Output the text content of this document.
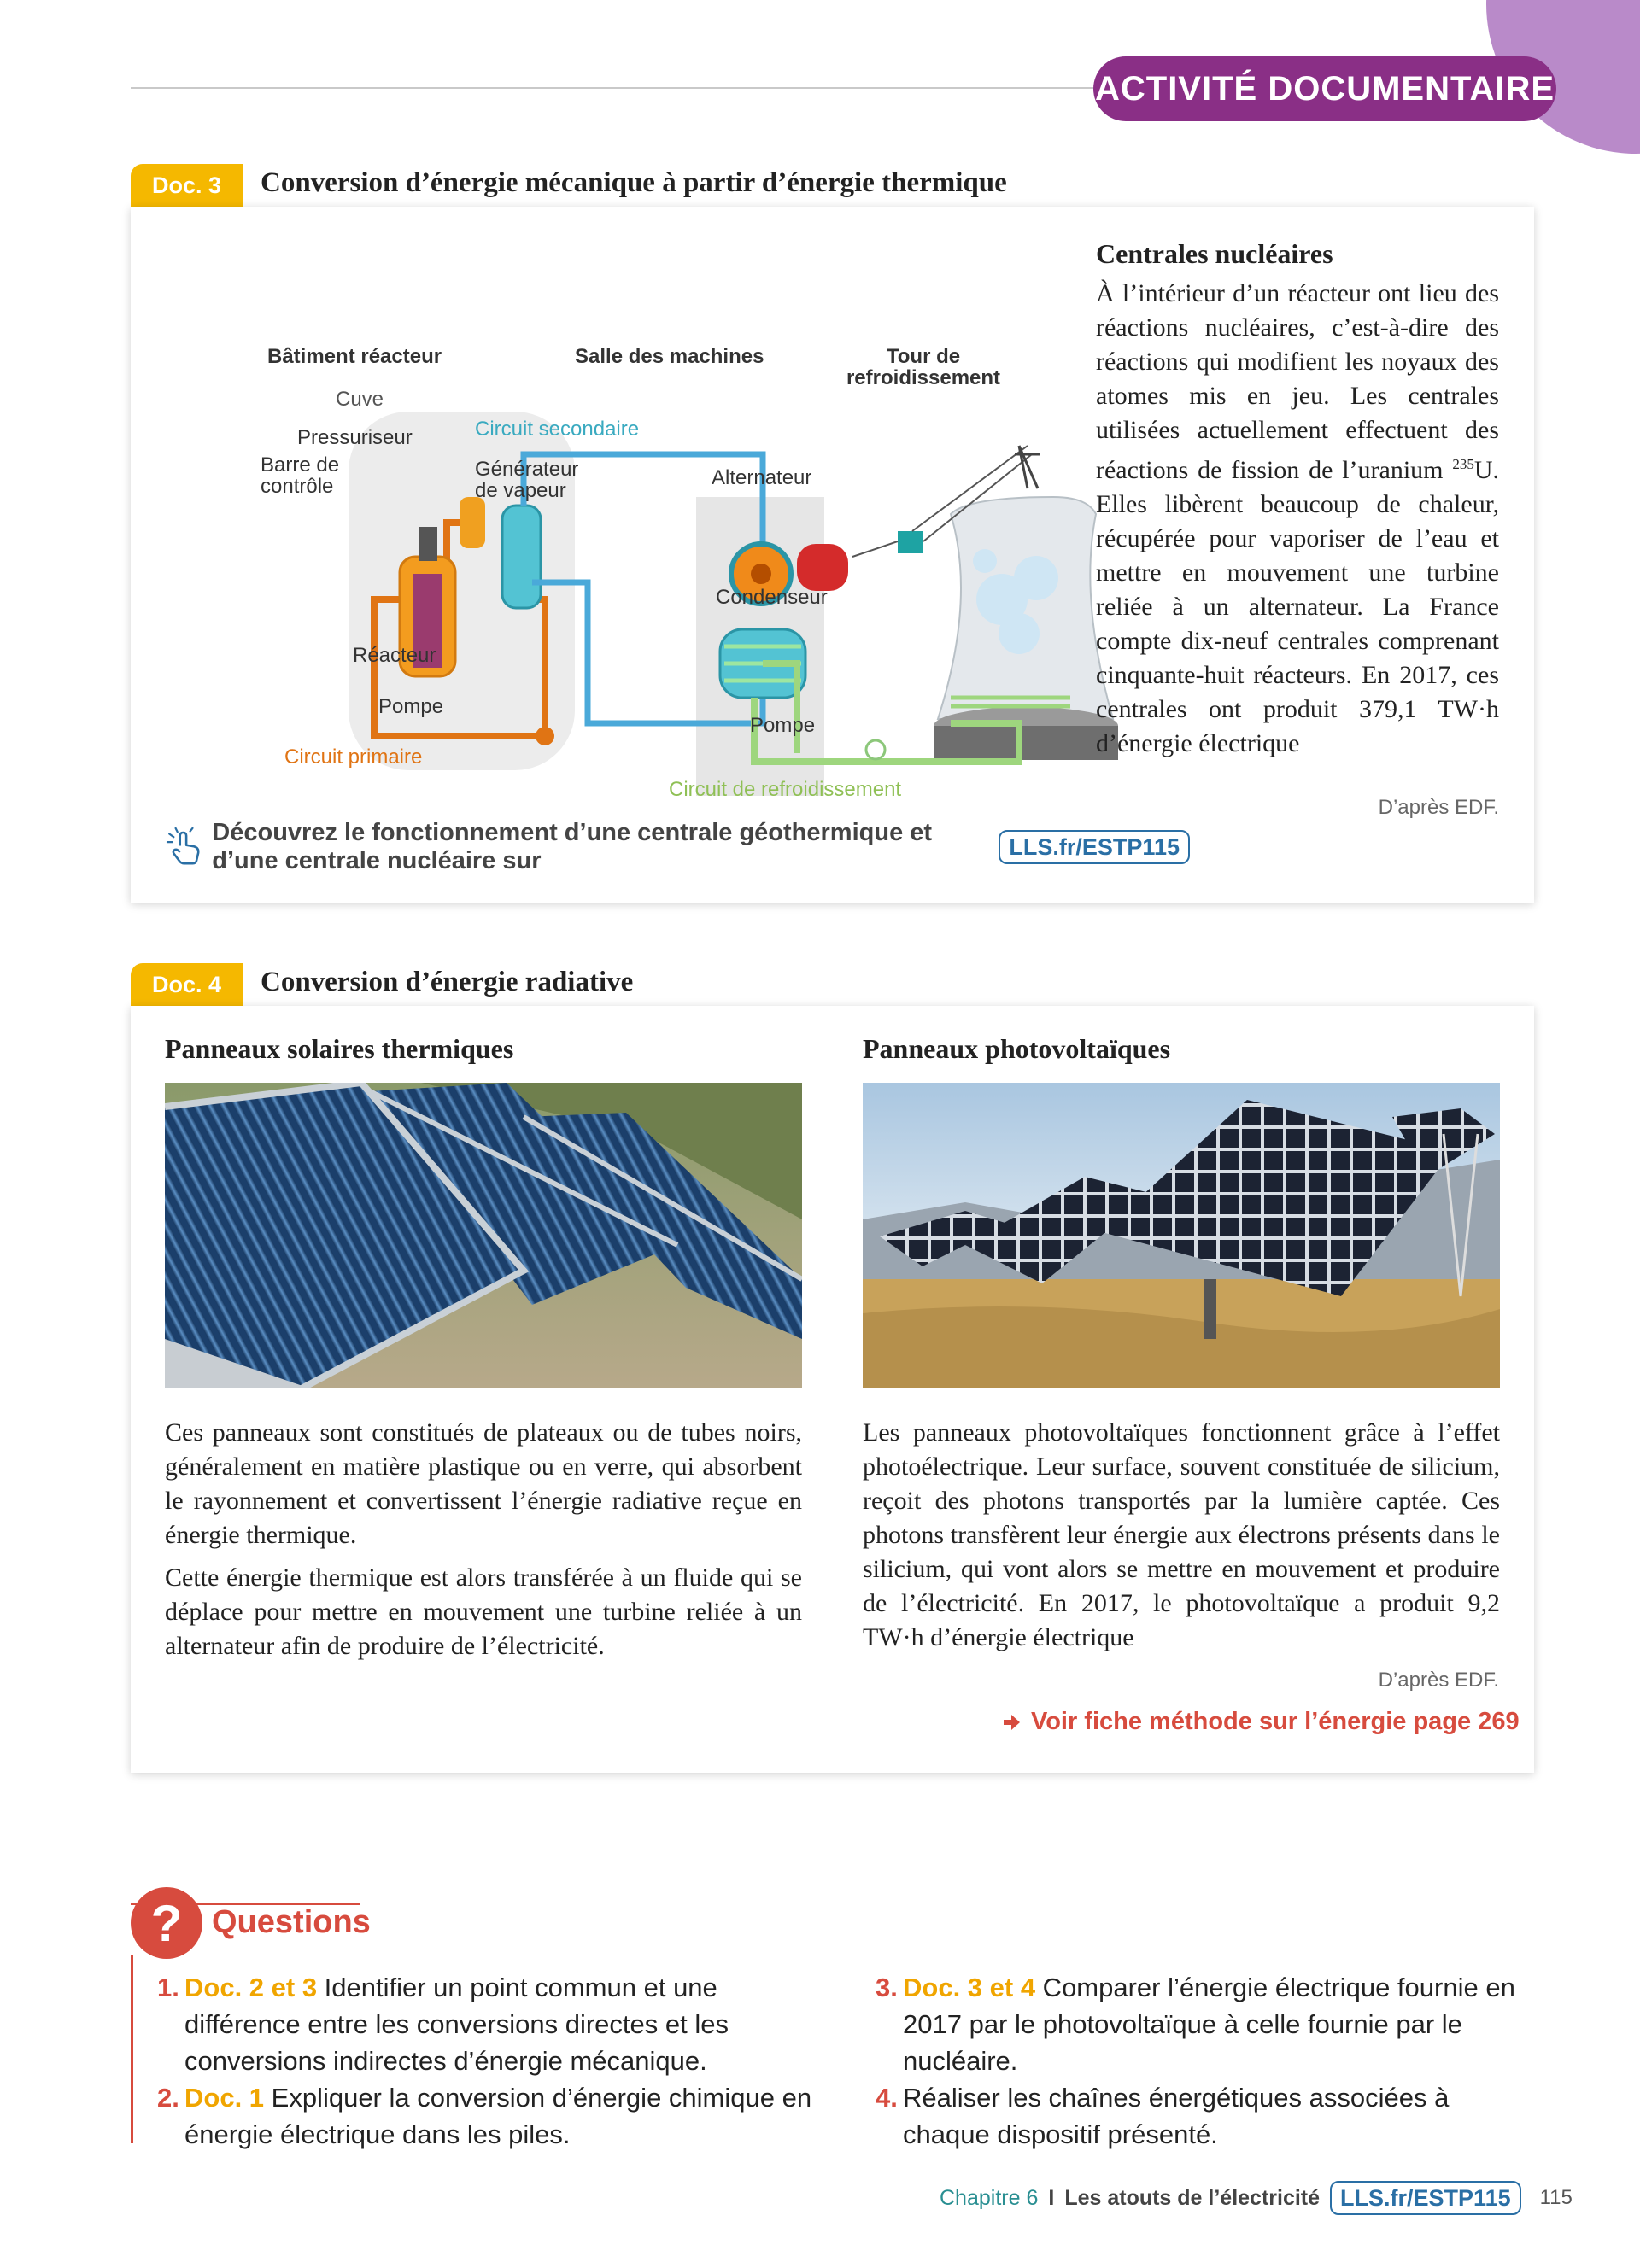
ACTIVITÉ DOCUMENTAIRE
Doc. 3	Conversion d’énergie mécanique à partir d’énergie thermique
Bâtiment réacteur	Salle des machines	Tour de
refroidissement
Cuve
Pressuriseur	Circuit secondaire
Barre de
contrôle
Générateur
de vapeur
Alternateur
Condenseur
Réacteur
Pompe
Circuit primaire
Pompe
Circuit de refroidissement
Centrales nucléaires
À l’intérieur d’un réacteur ont lieu des réactions nucléaires, c’est-à-dire des réactions qui modifient les noyaux des atomes mis en jeu. Les centrales utilisées actuellement effectuent des réactions de fission de l’uranium $^{235}$U. Elles libèrent beaucoup de chaleur, récupérée pour vaporiser de l’eau et mettre en mouvement une turbine reliée à un alternateur. La France compte dix-neuf centrales comprenant cinquante-huit réacteurs. En 2017, ces centrales ont produit 379,1 TW·h d’énergie électrique
D’après EDF.
Découvrez le fonctionnement d’une centrale géothermique et d’une centrale nucléaire sur
LLS.fr/ESTP115
Doc. 4	Conversion d’énergie radiative
Panneaux solaires thermiques
Ces panneaux sont constitués de plateaux ou de tubes noirs, généralement en matière plastique ou en verre, qui absorbent le rayonnement et convertissent l’énergie radiative reçue en énergie thermique.
Cette énergie thermique est alors transférée à un fluide qui se déplace pour mettre en mouvement une turbine reliée à un alternateur afin de produire de l’électricité.
Panneaux photovoltaïques
Les panneaux photovoltaïques fonctionnent grâce à l’effet photoélectrique. Leur surface, souvent constituée de silicium, reçoit des photons transportés par la lumière captée. Ces photons transfèrent leur énergie aux électrons présents dans le silicium, qui vont alors se mettre en mouvement et produire de l’électricité. En 2017, le photovoltaïque a produit 9,2 TW·h d’énergie électrique
D’après EDF.
Voir fiche méthode sur l’énergie page 269
? Questions
1. Doc. 2 et 3 Identifier un point commun et une différence entre les conversions directes et les conversions indirectes d’énergie mécanique.
2. Doc. 1 Expliquer la conversion d’énergie chimique en énergie électrique dans les piles.
3. Doc. 3 et 4 Comparer l’énergie électrique fournie en 2017 par le photovoltaïque à celle fournie par le nucléaire.
4. Réaliser les chaînes énergétiques associées à chaque dispositif présenté.
Chapitre 6 I Les atouts de l’électricité LLS.fr/ESTP115	115
